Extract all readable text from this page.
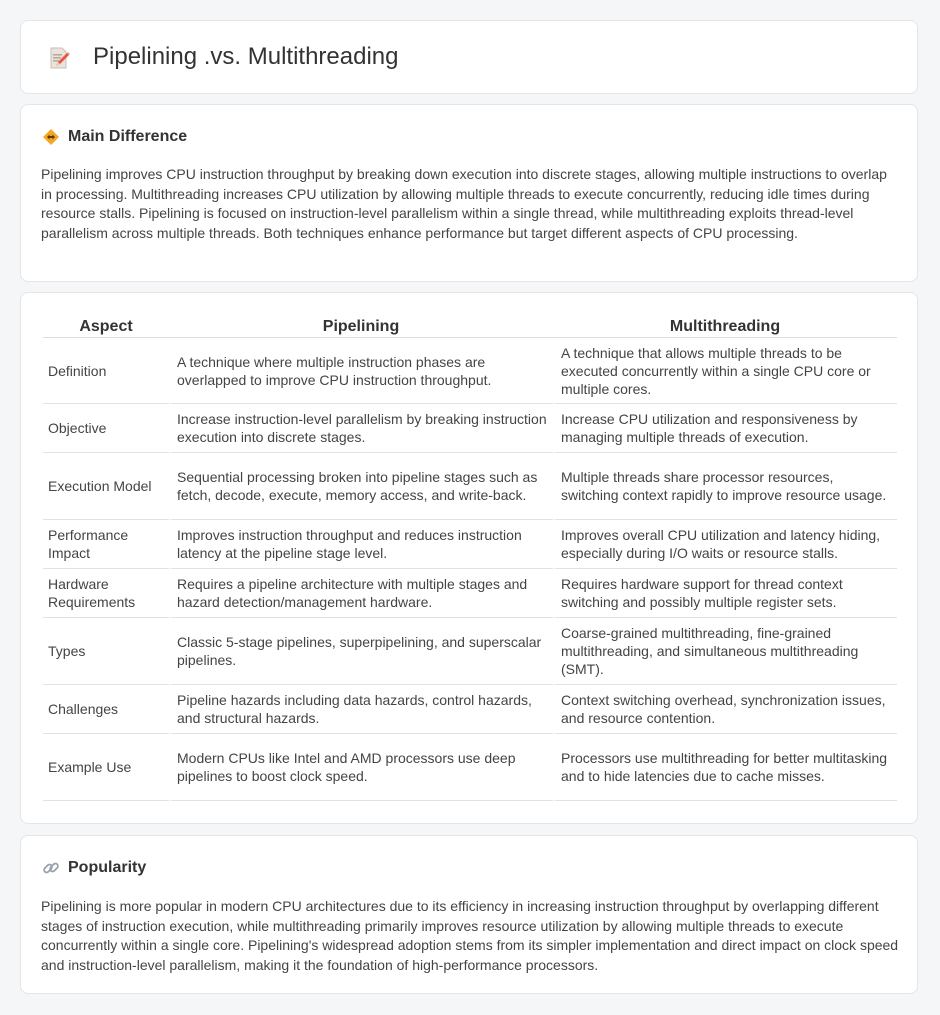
Pipelining .vs. Multithreading
Main Difference
Pipelining improves CPU instruction throughput by breaking down execution into discrete stages, allowing multiple instructions to overlap in processing. Multithreading increases CPU utilization by allowing multiple threads to execute concurrently, reducing idle times during resource stalls. Pipelining is focused on instruction-level parallelism within a single thread, while multithreading exploits thread-level parallelism across multiple threads. Both techniques enhance performance but target different aspects of CPU processing.
Aspect	Pipelining	Multithreading
Definition	A technique where multiple instruction phases are overlapped to improve CPU instruction throughput.	A technique that allows multiple threads to be executed concurrently within a single CPU core or multiple cores.
Objective	Increase instruction-level parallelism by breaking instruction execution into discrete stages.	Increase CPU utilization and responsiveness by managing multiple threads of execution.
Execution Model	Sequential processing broken into pipeline stages such as fetch, decode, execute, memory access, and write-back.	Multiple threads share processor resources, switching context rapidly to improve resource usage.
Performance Impact	Improves instruction throughput and reduces instruction latency at the pipeline stage level.	Improves overall CPU utilization and latency hiding, especially during I/O waits or resource stalls.
Hardware Requirements	Requires a pipeline architecture with multiple stages and hazard detection/management hardware.	Requires hardware support for thread context switching and possibly multiple register sets.
Types	Classic 5-stage pipelines, superpipelining, and superscalar pipelines.	Coarse-grained multithreading, fine-grained multithreading, and simultaneous multithreading (SMT).
Challenges	Pipeline hazards including data hazards, control hazards, and structural hazards.	Context switching overhead, synchronization issues, and resource contention.
Example Use	Modern CPUs like Intel and AMD processors use deep pipelines to boost clock speed.	Processors use multithreading for better multitasking and to hide latencies due to cache misses.
Popularity
Pipelining is more popular in modern CPU architectures due to its efficiency in increasing instruction throughput by overlapping different stages of instruction execution, while multithreading primarily improves resource utilization by allowing multiple threads to execute concurrently within a single core. Pipelining's widespread adoption stems from its simpler implementation and direct impact on clock speed and instruction-level parallelism, making it the foundation of high-performance processors.
